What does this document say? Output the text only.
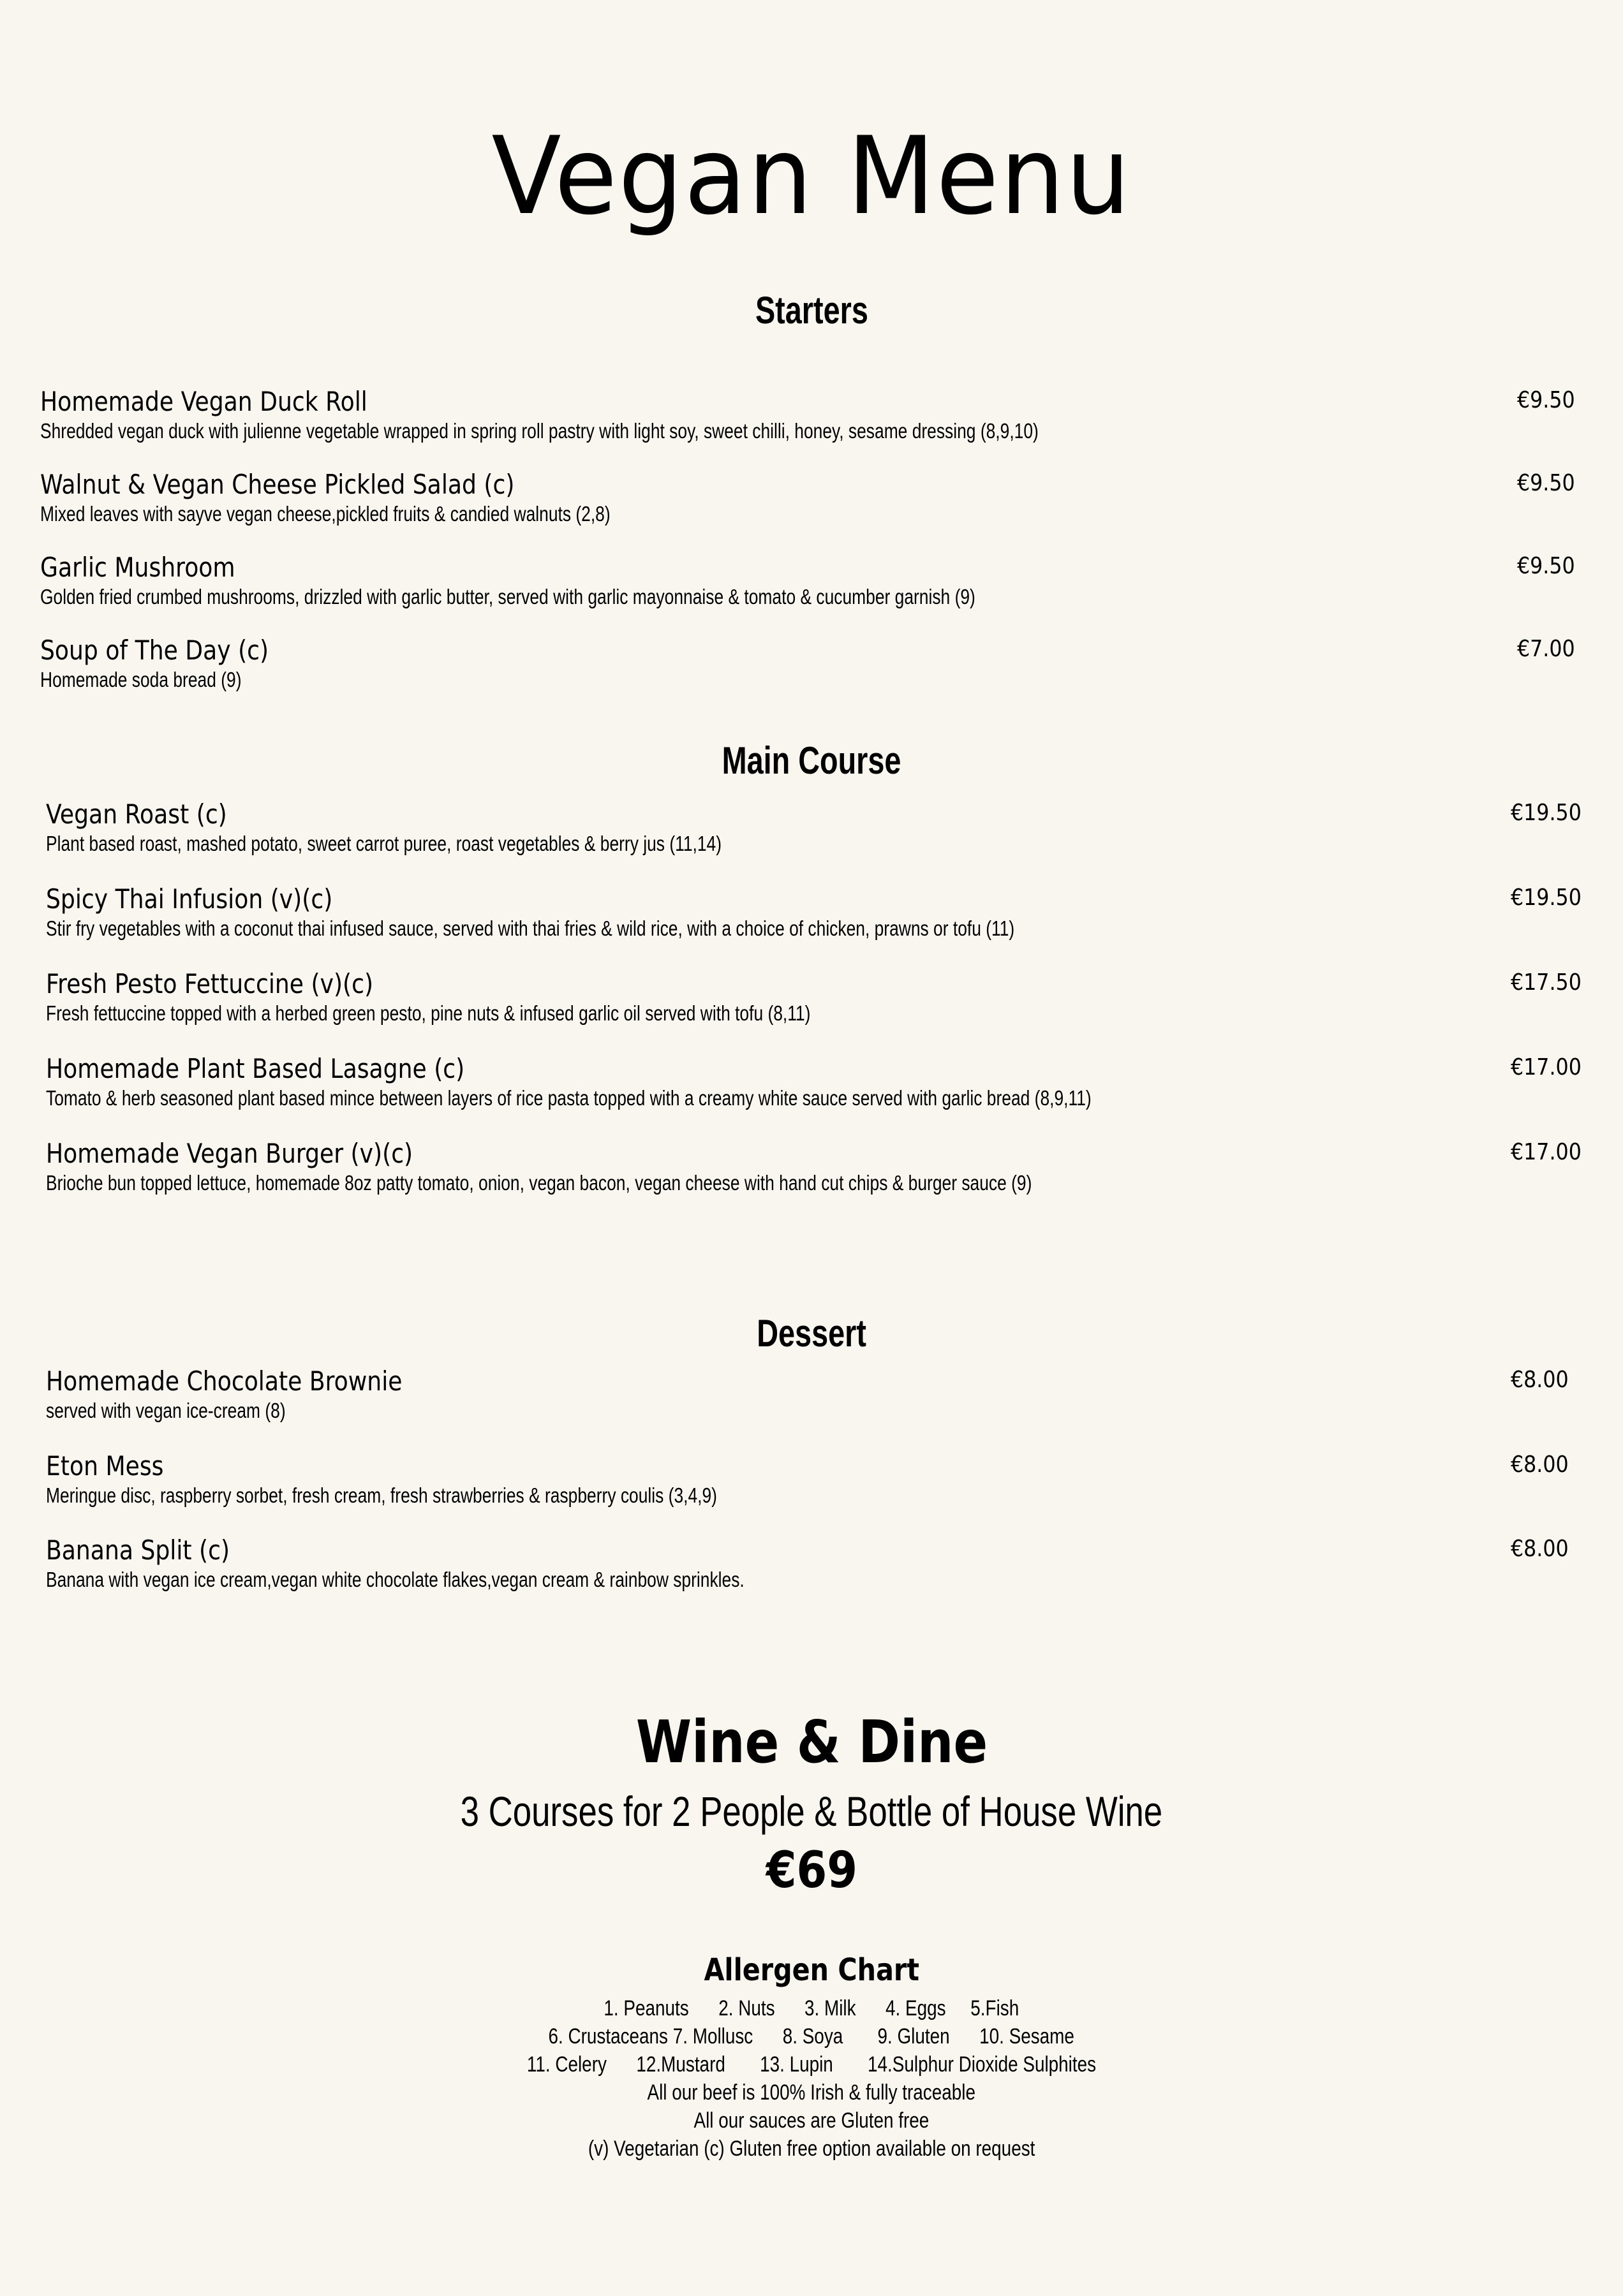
Vegan Menu
Starters
Homemade Vegan Duck Roll
Shredded vegan duck with julienne vegetable wrapped in spring roll pastry with light soy, sweet chilli, honey, sesame dressing (8,9,10)
€9.50
Walnut & Vegan Cheese Pickled Salad (c)
Mixed leaves with sayve vegan cheese,pickled fruits & candied walnuts (2,8)
€9.50
Garlic Mushroom
Golden fried crumbed mushrooms, drizzled with garlic butter, served with garlic mayonnaise & tomato & cucumber garnish (9)
€9.50
Soup of The Day (c)
Homemade soda bread (9)
€7.00
Main Course
Vegan Roast (c)
Plant based roast, mashed potato, sweet carrot puree, roast vegetables & berry jus (11,14)
€19.50
Spicy Thai Infusion (v)(c)
Stir fry vegetables with a coconut thai infused sauce, served with thai fries & wild rice, with a choice of chicken, prawns or tofu (11)
€19.50
Fresh Pesto Fettuccine (v)(c)
Fresh fettuccine topped with a herbed green pesto, pine nuts & infused garlic oil served with tofu (8,11)
€17.50
Homemade Plant Based Lasagne (c)
Tomato & herb seasoned plant based mince between layers of rice pasta topped with a creamy white sauce served with garlic bread (8,9,11)
€17.00
Homemade Vegan Burger (v)(c)
Brioche bun topped lettuce, homemade 8oz patty tomato, onion, vegan bacon, vegan cheese with hand cut chips & burger sauce (9)
€17.00
Dessert
Homemade Chocolate Brownie
served with vegan ice-cream (8)
€8.00
Eton Mess
Meringue disc, raspberry sorbet, fresh cream, fresh strawberries & raspberry coulis (3,4,9)
€8.00
Banana Split (c)
Banana with vegan ice cream,vegan white chocolate flakes,vegan cream & rainbow sprinkles.
€8.00
Wine & Dine
3 Courses for 2 People & Bottle of House Wine
€69
Allergen Chart
1. Peanuts      2. Nuts      3. Milk      4. Eggs     5.Fish
6. Crustaceans 7. Mollusc      8. Soya       9. Gluten      10. Sesame
11. Celery      12.Mustard       13. Lupin       14.Sulphur Dioxide Sulphites
All our beef is 100% Irish & fully traceable
All our sauces are Gluten free
(v) Vegetarian (c) Gluten free option available on request
